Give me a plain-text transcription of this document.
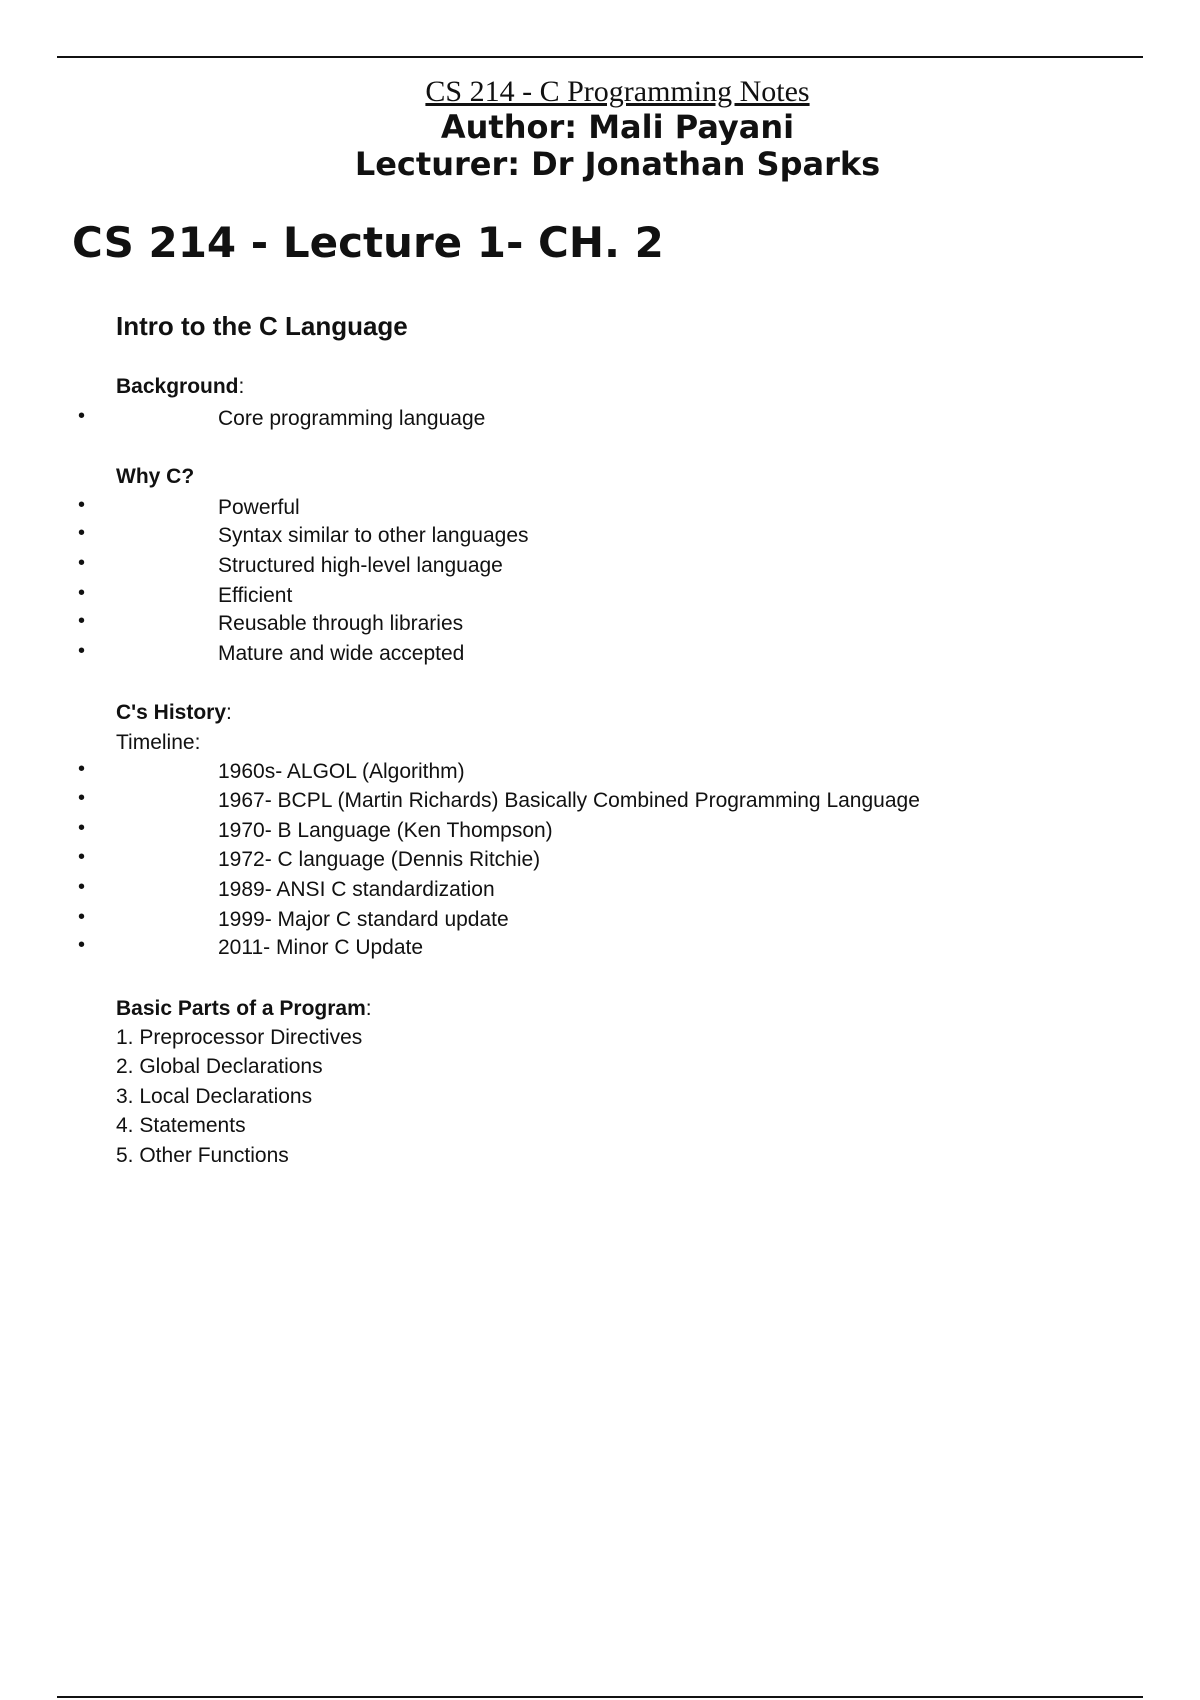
CS 214 - C Programming Notes
Author: Mali Payani
Lecturer: Dr Jonathan Sparks
CS 214 - Lecture 1- CH. 2
Intro to the C Language
Background:
•	Core programming language
Why C?
•	Powerful
•	Syntax similar to other languages
•	Structured high-level language
•	Efficient
•	Reusable through libraries
•	Mature and wide accepted
C's History:
Timeline:
•	1960s- ALGOL (Algorithm)
•	1967- BCPL (Martin Richards) Basically Combined Programming Language
•	1970- B Language (Ken Thompson)
•	1972- C language (Dennis Ritchie)
•	1989- ANSI C standardization
•	1999- Major C standard update
•	2011- Minor C Update
Basic Parts of a Program:
1. Preprocessor Directives
2. Global Declarations
3. Local Declarations
4. Statements
5. Other Functions
